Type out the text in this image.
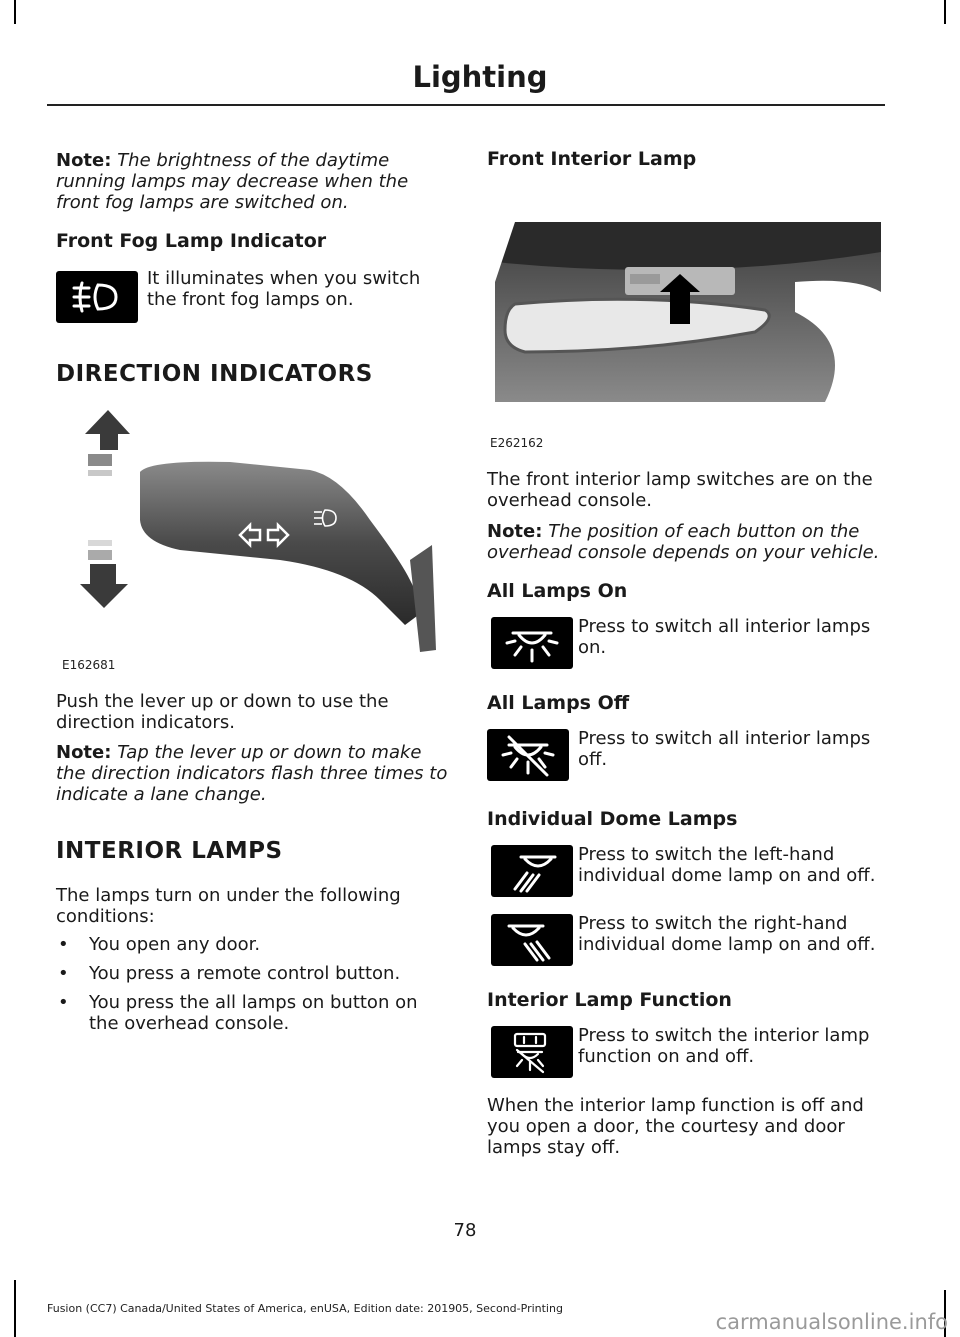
Lighting
Note: The brightness of the daytime running lamps may decrease when the front fog lamps are switched on.
Front Fog Lamp Indicator
It illuminates when you switch the front fog lamps on.
DIRECTION INDICATORS
E162681
Push the lever up or down to use the direction indicators.
Note: Tap the lever up or down to make the direction indicators flash three times to indicate a lane change.
INTERIOR LAMPS
The lamps turn on under the following conditions:
• You open any door.
• You press a remote control button.
• You press the all lamps on button on the overhead console.
Front Interior Lamp
E262162
The front interior lamp switches are on the overhead console.
Note: The position of each button on the overhead console depends on your vehicle.
All Lamps On
Press to switch all interior lamps on.
All Lamps Off
Press to switch all interior lamps off.
Individual Dome Lamps
Press to switch the left-hand individual dome lamp on and off.
Press to switch the right-hand individual dome lamp on and off.
Interior Lamp Function
Press to switch the interior lamp function on and off.
When the interior lamp function is off and you open a door, the courtesy and door lamps stay off.
78
Fusion (CC7) Canada/United States of America, enUSA, Edition date: 201905, Second-Printing
carmanualsonline.info
